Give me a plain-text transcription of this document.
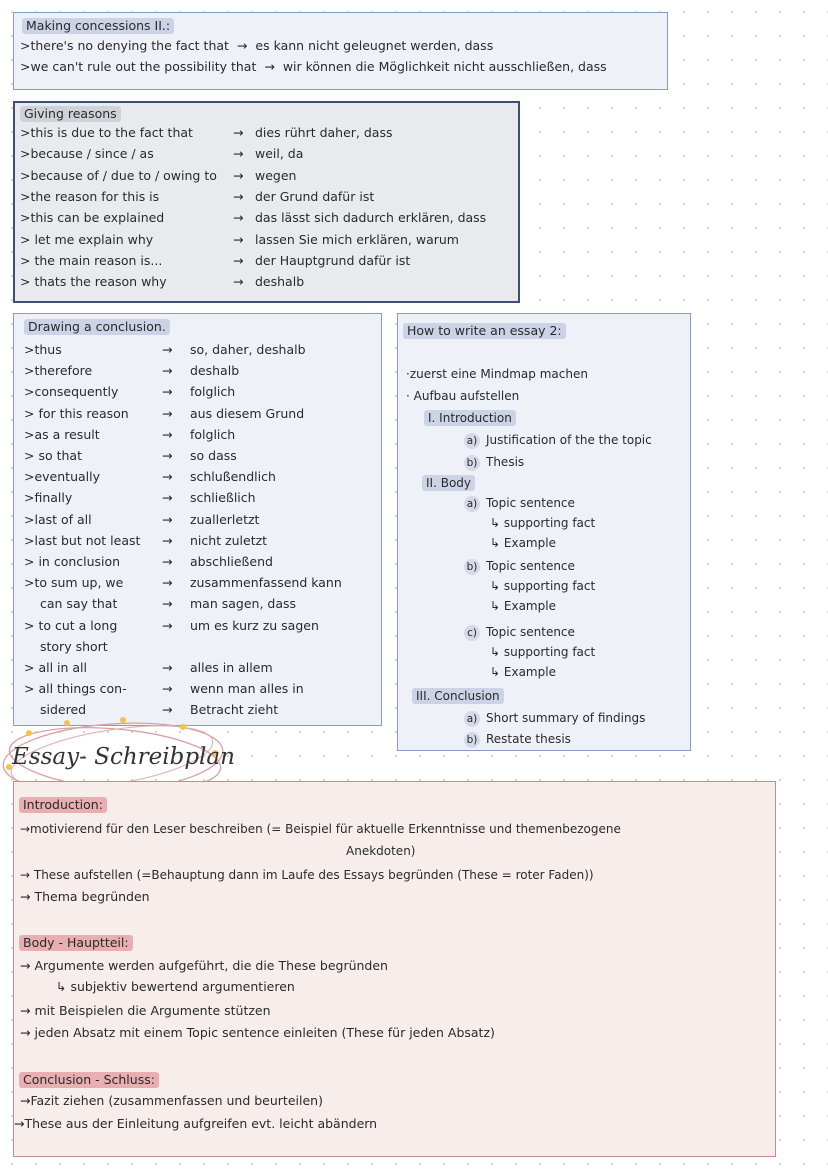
Making concessions II.:
>there's no denying the fact that → es kann nicht geleugnet werden, dass
>we can't rule out the possibility that → wir können die Möglichkeit nicht ausschließen, dass
Giving reasons
>this is due to the fact that	→ dies rührt daher, dass
>because / since / as	→ weil, da
>because of / due to / owing to → wegen
>the reason for this is	→ der Grund dafür ist
>this can be explained	→ das lässt sich dadurch erklären, dass
> let me explain why	→ lassen Sie mich erklären, warum
> the main reason is...	→ der Hauptgrund dafür ist
> thats the reason why	→ deshalb
Drawing a conclusion.
>thus	→ so, daher, deshalb
>therefore	→ deshalb
>consequently	→ folglich
> for this reason	→ aus diesem Grund
>as a result	→ folglich
> so that	→ so dass
>eventually	→ schlußendlich
>finally	→ schließlich
>last of all	→ zuallerletzt
>last but not least → nicht zuletzt
> in conclusion	→ abschließend
>to sum up, we	→ zusammenfassend kann
can say that	→ man sagen, dass
> to cut a long	→ um es kurz zu sagen
story short
> all in all	→ alles in allem
> all things con-	→ wenn man alles in
sidered	→ Betracht zieht
How to write an essay 2:
·zuerst eine Mindmap machen
· Aufbau aufstellen
I. Introduction
a) Justification of the the topic
b) Thesis
II. Body
a) Topic sentence
↳ supporting fact
↳ Example
b) Topic sentence
↳ supporting fact
↳ Example
c) Topic sentence
↳ supporting fact
↳ Example
III. Conclusion
a) Short summary of findings
b) Restate thesis
Essay- Schreibplan
Introduction:
→motivierend für den Leser beschreiben (= Beispiel für aktuelle Erkenntnisse und themenbezogene
Anekdoten)
→ These aufstellen (=Behauptung dann im Laufe des Essays begründen (These = roter Faden))
→ Thema begründen
Body - Hauptteil:
→ Argumente werden aufgeführt, die die These begründen
↳ subjektiv bewertend argumentieren
→ mit Beispielen die Argumente stützen
→ jeden Absatz mit einem Topic sentence einleiten (These für jeden Absatz)
Conclusion - Schluss:
→Fazit ziehen (zusammenfassen und beurteilen)
→These aus der Einleitung aufgreifen evt. leicht abändern
